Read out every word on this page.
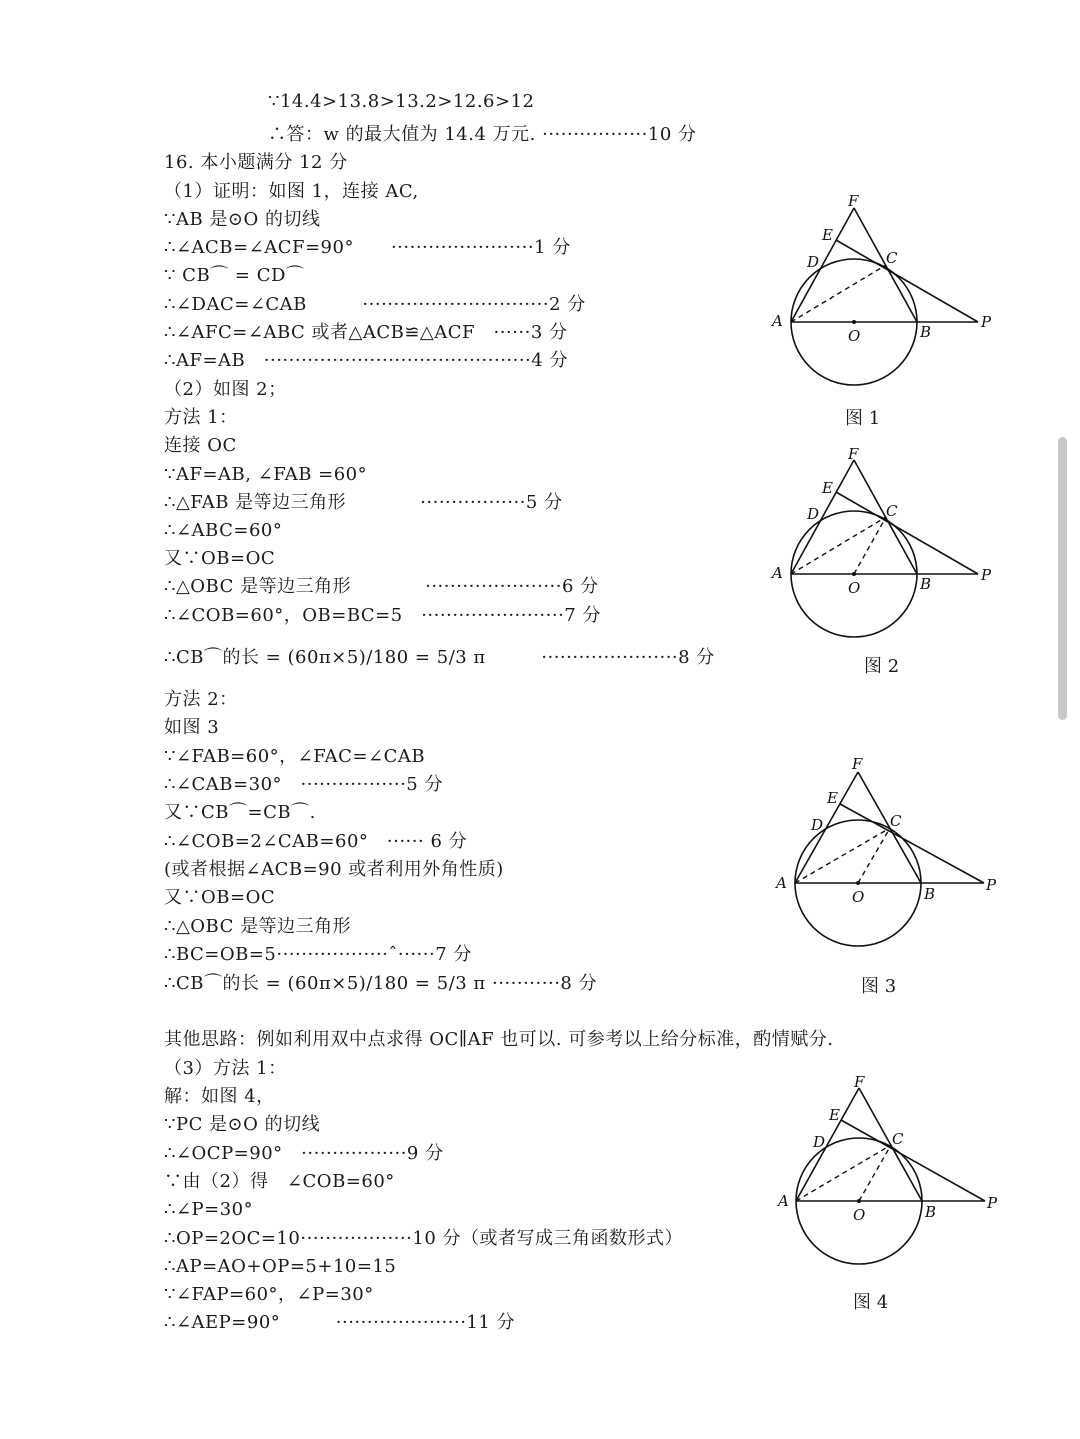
∵14.4>13.8>13.2>12.6>12
∴答：w 的最大值为 14.4 万元. ·················10 分
16. 本小题满分 12 分
（1）证明：如图 1，连接 AC,
∵AB 是⊙O 的切线
∴∠ACB=∠ACF=90°　　·······················1 分
∵ CB⌒ = CD⌒
∴∠DAC=∠CAB　　　······························2 分
∴∠AFC=∠ABC 或者△ACB≌△ACF　······3 分
∴AF=AB　···········································4 分
（2）如图 2；
方法 1：
连接 OC
∵AF=AB, ∠FAB =60°
∴△FAB 是等边三角形　　　　·················5 分
∴∠ABC=60°
又∵OB=OC
∴△OBC 是等边三角形　　　　······················6 分
∴∠COB=60°，OB=BC=5　·······················7 分
∴CB⌒的长 = (60π×5)/180 = 5/3 π　　　······················8 分
方法 2：
如图 3
∵∠FAB=60°，∠FAC=∠CAB
∴∠CAB=30°　·················5 分
又∵CB⌒=CB⌒.
∴∠COB=2∠CAB=60°　······ 6 分
(或者根据∠ACB=90 或者利用外角性质)
又∵OB=OC
∴△OBC 是等边三角形
∴BC=OB=5··················ˆ······7 分
∴CB⌒的长 = (60π×5)/180 = 5/3 π ···········8 分
其他思路：例如利用双中点求得 OC∥AF 也可以. 可参考以上给分标准，酌情赋分.
（3）方法 1：
解：如图 4，
∵PC 是⊙O 的切线
∴∠OCP=90°　·················9 分
∵由（2）得　∠COB=60°
∴∠P=30°
∴OP=2OC=10··················10 分（或者写成三角函数形式）
∴AP=AO+OP=5+10=15
∵∠FAP=60°，∠P=30°
∴∠AEP=90°　　　·····················11 分
F
E
D	C
A
O	B
P
图 1
F
E
D	C
A
O	B	P
图 2
F
E
D	C
A
O	B	P
图 3
F
E
D	C
A
O	B	P
图 4
